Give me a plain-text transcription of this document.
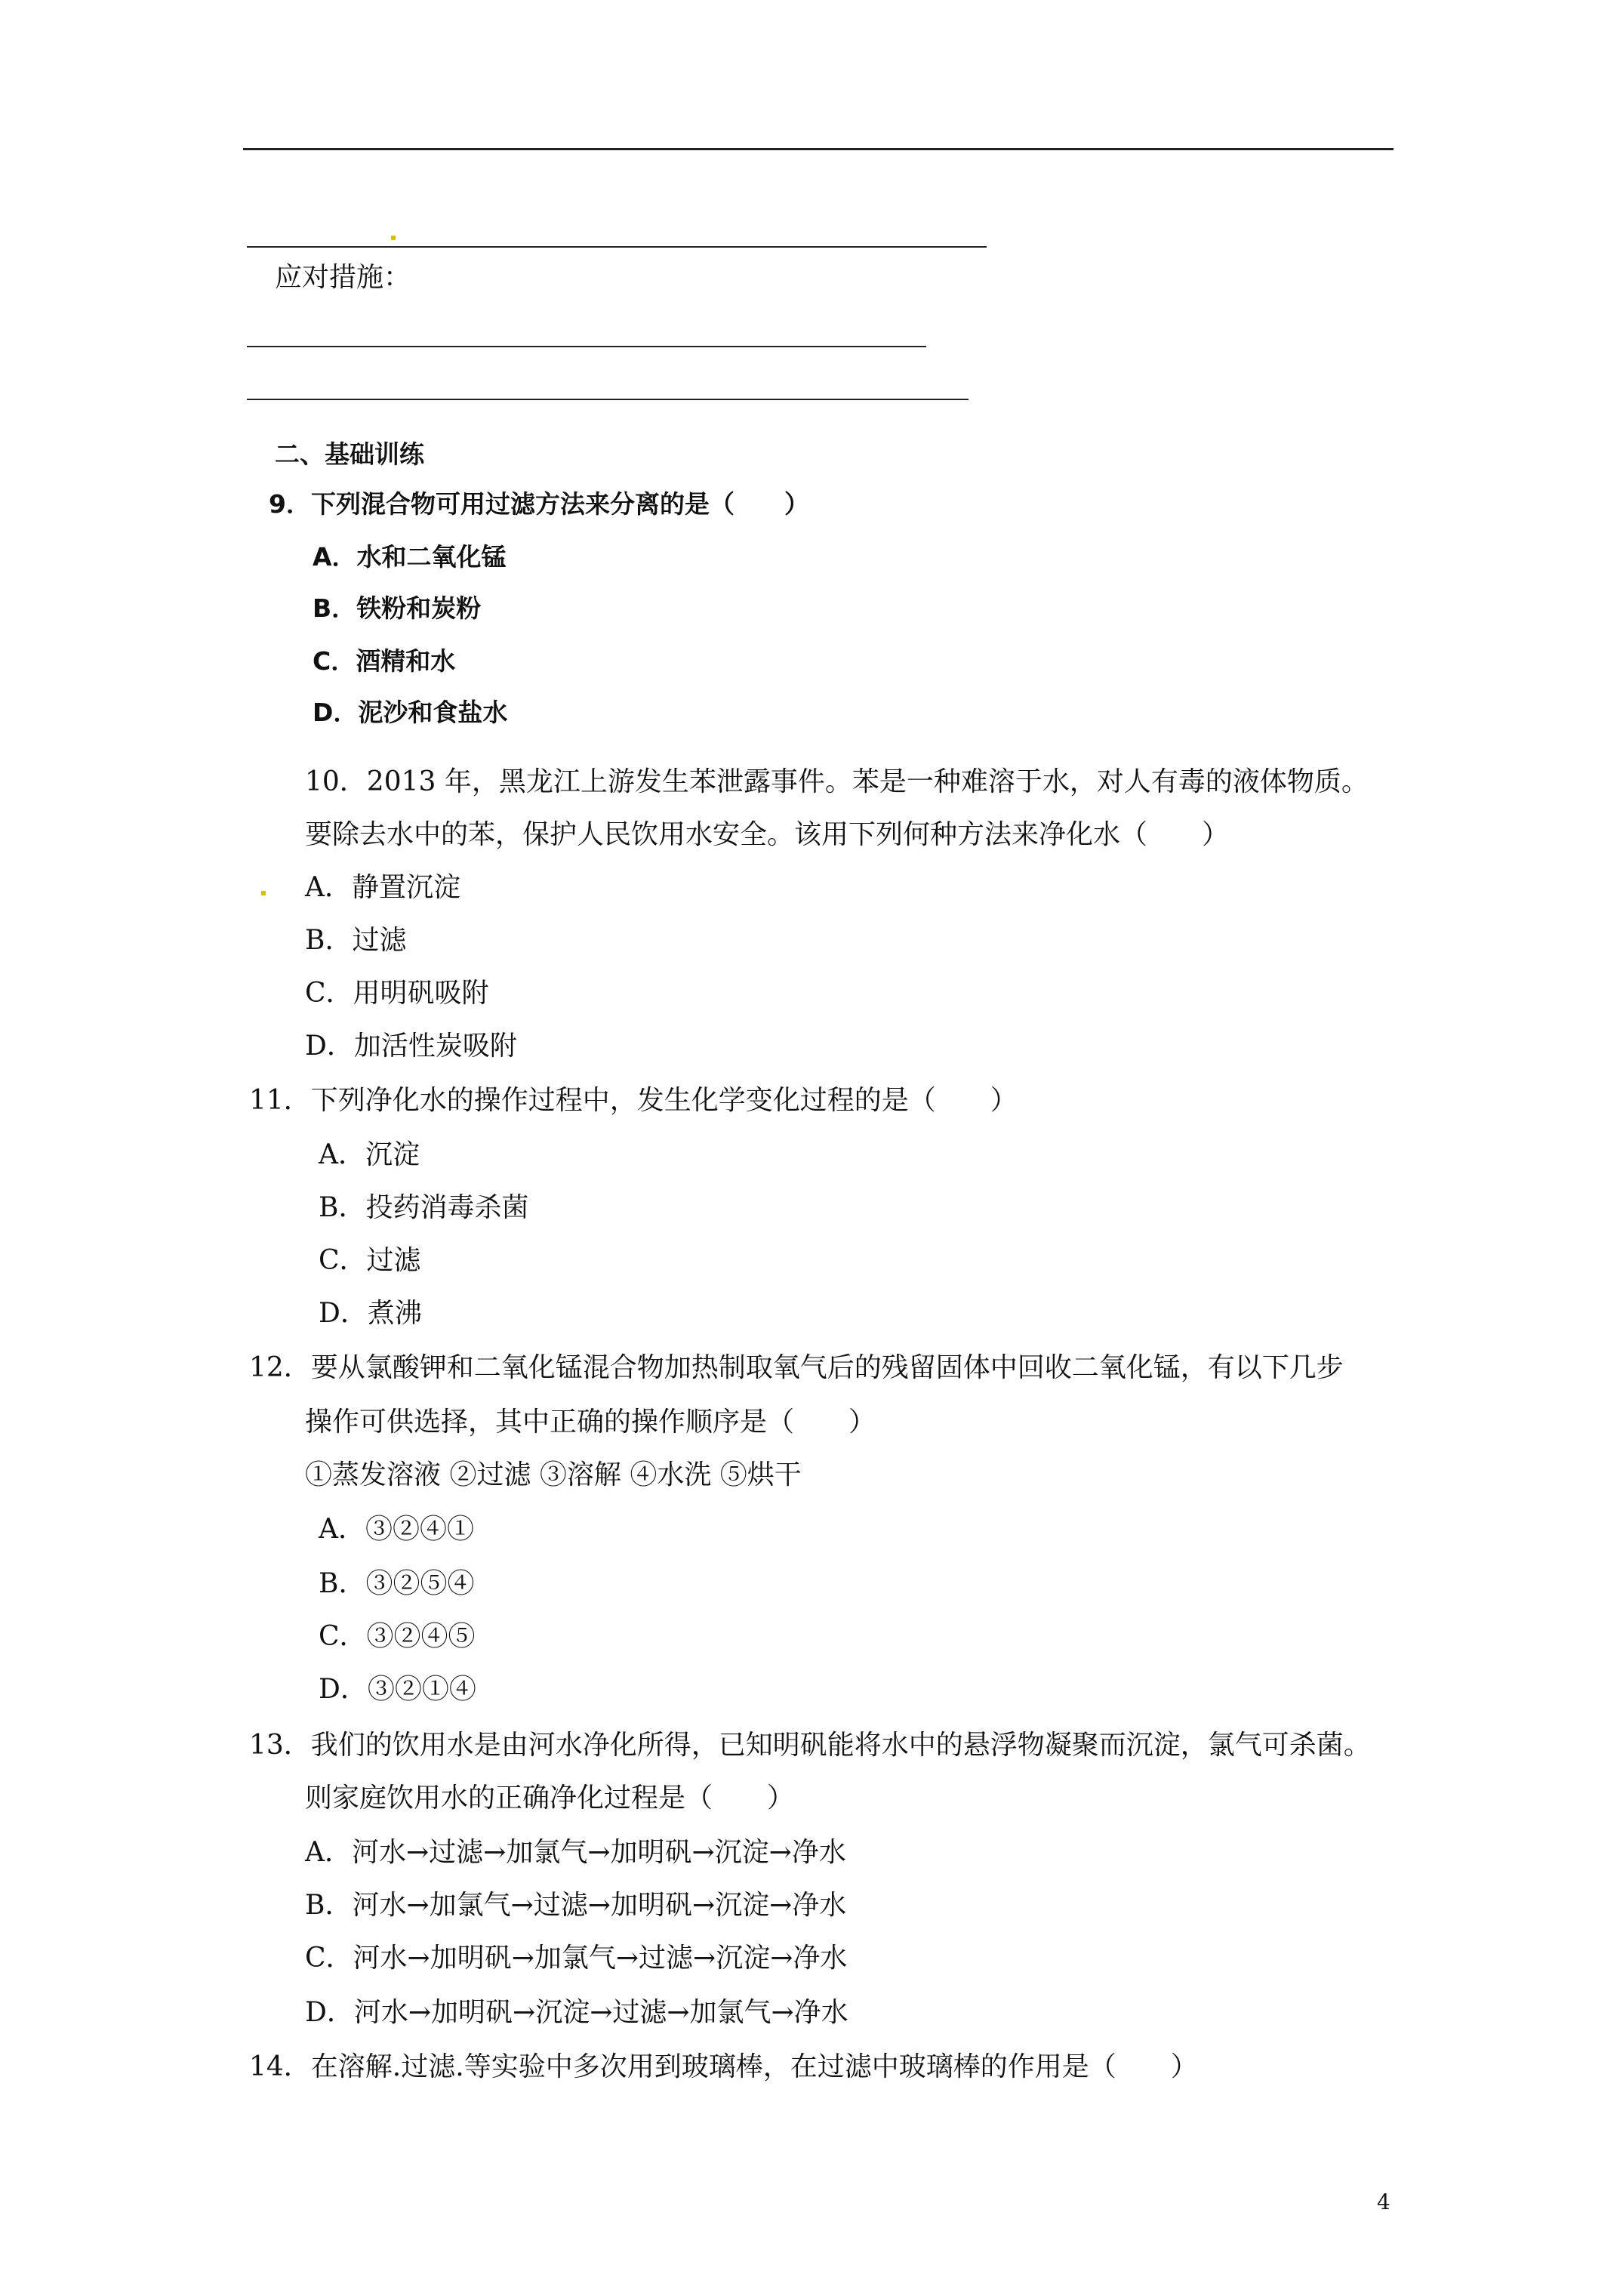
应对措施：
二、基础训练
9．下列混合物可用过滤方法来分离的是（　　）
A．水和二氧化锰
B．铁粉和炭粉
C．酒精和水
D．泥沙和食盐水
10．2013 年，黑龙江上游发生苯泄露事件。苯是一种难溶于水，对人有毒的液体物质。
要除去水中的苯，保护人民饮用水安全。该用下列何种方法来净化水（　　）
A．静置沉淀
B．过滤
C．用明矾吸附
D．加活性炭吸附
11．下列净化水的操作过程中，发生化学变化过程的是（　　）
A．沉淀
B．投药消毒杀菌
C．过滤
D．煮沸
12．要从氯酸钾和二氧化锰混合物加热制取氧气后的残留固体中回收二氧化锰，有以下几步
操作可供选择，其中正确的操作顺序是（　　）
①蒸发溶液 ②过滤 ③溶解 ④水洗 ⑤烘干
A．③②④①
B．③②⑤④
C．③②④⑤
D．③②①④
13．我们的饮用水是由河水净化所得，已知明矾能将水中的悬浮物凝聚而沉淀，氯气可杀菌。
则家庭饮用水的正确净化过程是（　　）
A．河水→过滤→加氯气→加明矾→沉淀→净水
B．河水→加氯气→过滤→加明矾→沉淀→净水
C．河水→加明矾→加氯气→过滤→沉淀→净水
D．河水→加明矾→沉淀→过滤→加氯气→净水
14．在溶解.过滤.等实验中多次用到玻璃棒，在过滤中玻璃棒的作用是（　　）
4
